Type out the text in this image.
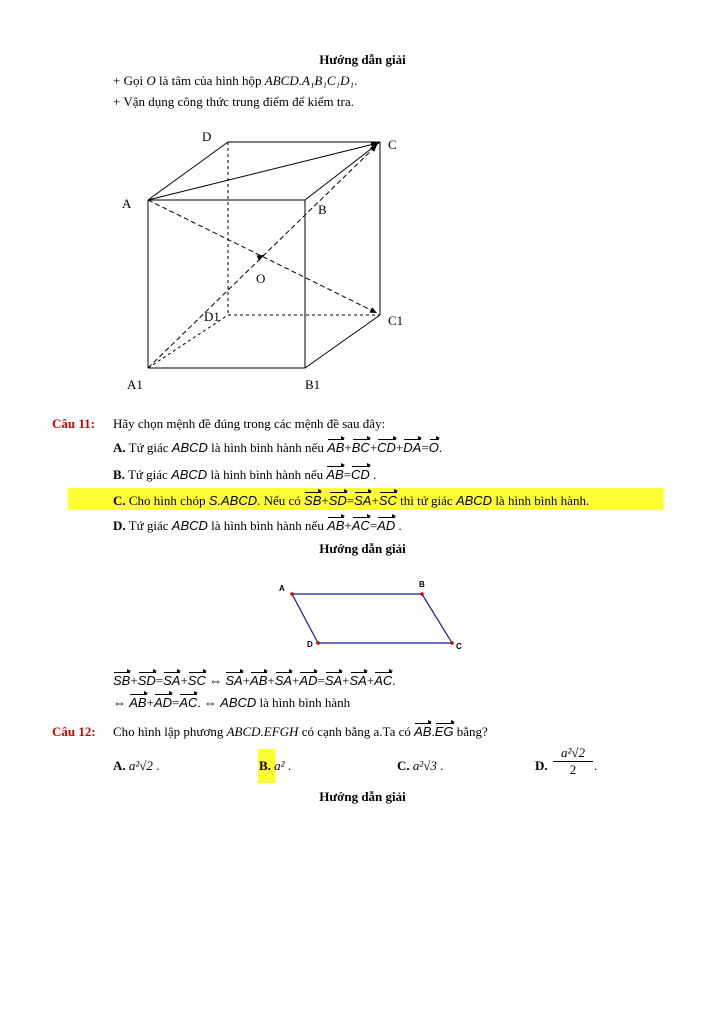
Hướng dẫn giải
+ Gọi O là tâm của hình hộp ABCD.A₁B₁C₁D₁.
+ Vận dụng công thức trung điểm để kiểm tra.
D
C
A	B
O
D1	C1
A1	B1
Câu 11: Hãy chọn mệnh đề đúng trong các mệnh đề sau đây:
A. Tứ giác ABCD là hình bình hành nếu AB+BC+CD+DA=O.
B. Tứ giác ABCD là hình bình hành nếu AB=CD .
C. Cho hình chóp S.ABCD. Nếu có SB+SD=SA+SC thì tứ giác ABCD là hình bình hành.
D. Tứ giác ABCD là hình bình hành nếu AB+AC=AD .
Hướng dẫn giải
A	B
C
D
SB+SD=SA+SC ⇔ SA+AB+SA+AD=SA+SA+AC.
⇔ AB+AD=AC. ⇔ ABCD là hình bình hành
Câu 12: Cho hình lập phương ABCD.EFGH có cạnh bằng a.Ta có AB.EG bằng?
A. a²√2 .	B. a² .	C. a²√3 .	D.
a²√2
2	.
Hướng dẫn giải
